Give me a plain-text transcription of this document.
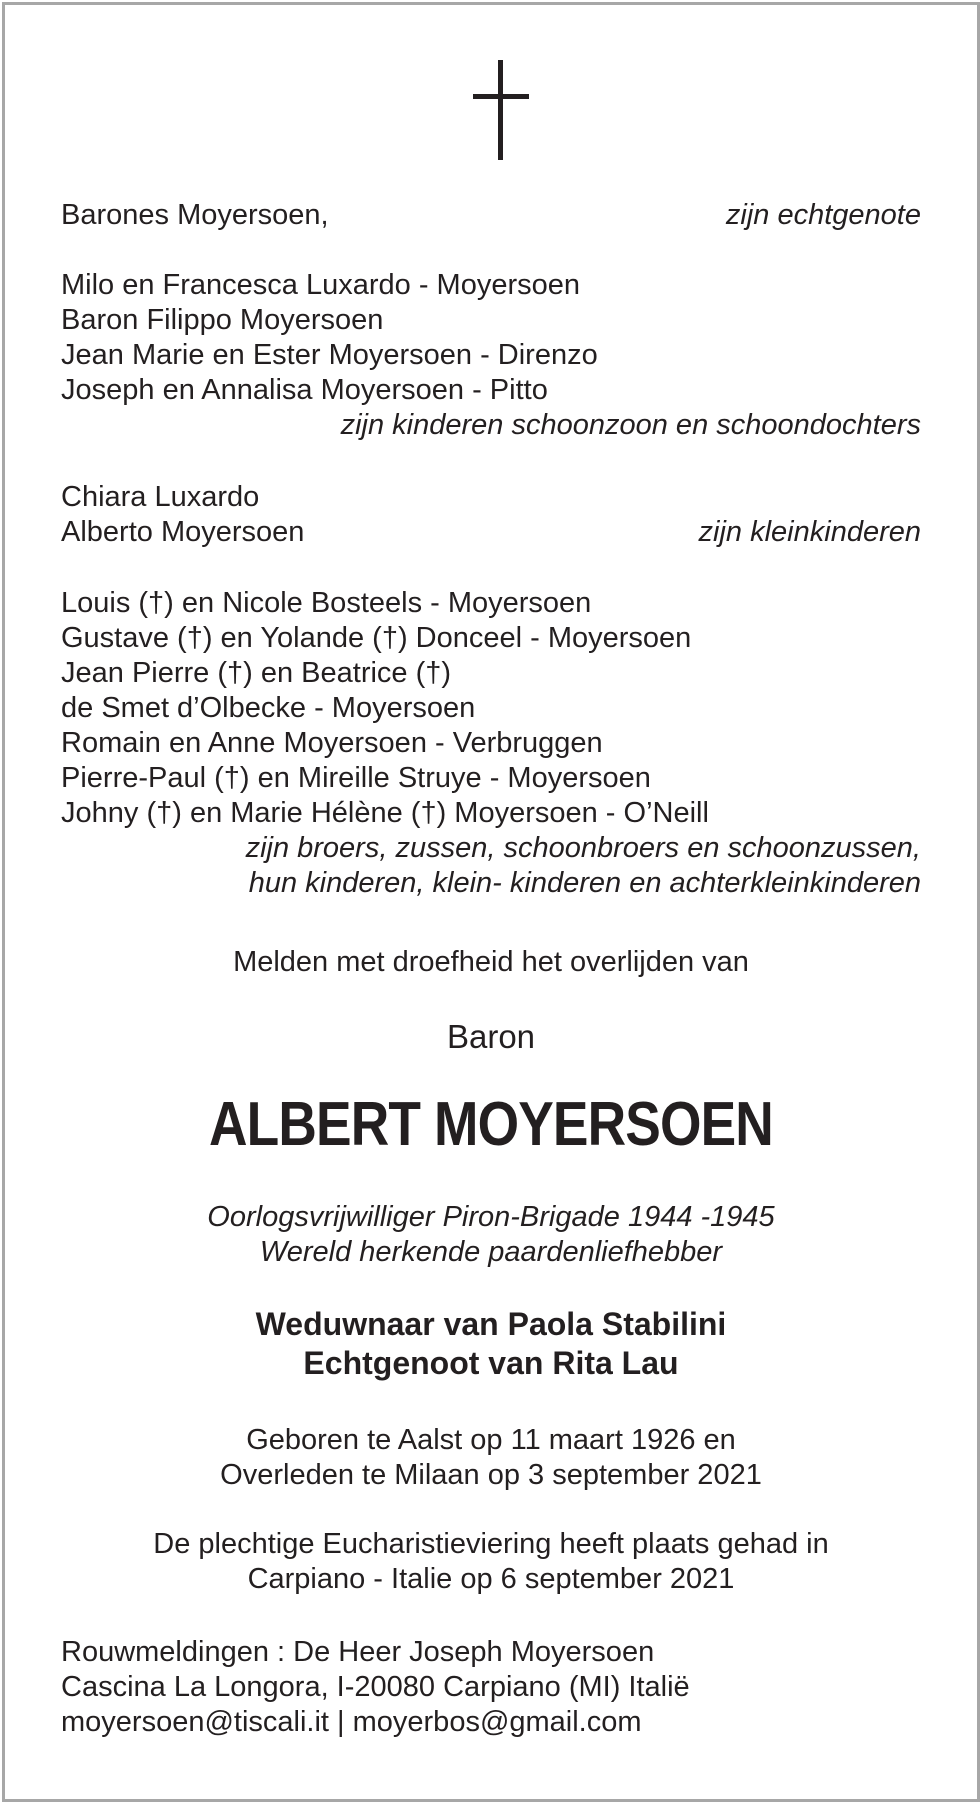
Barones Moyersoen,	zijn echtgenote
Milo en Francesca Luxardo - Moyersoen
Baron Filippo Moyersoen
Jean Marie en Ester Moyersoen - Direnzo
Joseph en Annalisa Moyersoen - Pitto
zijn kinderen schoonzoon en schoondochters
Chiara Luxardo
Alberto Moyersoen	zijn kleinkinderen
Louis (†) en Nicole Bosteels - Moyersoen
Gustave (†) en Yolande (†) Donceel - Moyersoen
Jean Pierre (†) en Beatrice (†)
de Smet d’Olbecke - Moyersoen
Romain en Anne Moyersoen - Verbruggen
Pierre-Paul (†) en Mireille Struye - Moyersoen
Johny (†) en Marie Hélène (†) Moyersoen - O’Neill
zijn broers, zussen, schoonbroers en schoonzussen,
hun kinderen, klein- kinderen en achterkleinkinderen
Melden met droefheid het overlijden van
Baron
ALBERT MOYERSOEN
Oorlogsvrijwilliger Piron-Brigade 1944 -1945
Wereld herkende paardenliefhebber
Weduwnaar van Paola Stabilini
Echtgenoot van Rita Lau
Geboren te Aalst op 11 maart 1926 en
Overleden te Milaan op 3 september 2021
De plechtige Eucharistieviering heeft plaats gehad in
Carpiano - Italie op 6 september 2021
Rouwmeldingen : De Heer Joseph Moyersoen
Cascina La Longora, I-20080 Carpiano (MI) Italië
moyersoen@tiscali.it | moyerbos@gmail.com
